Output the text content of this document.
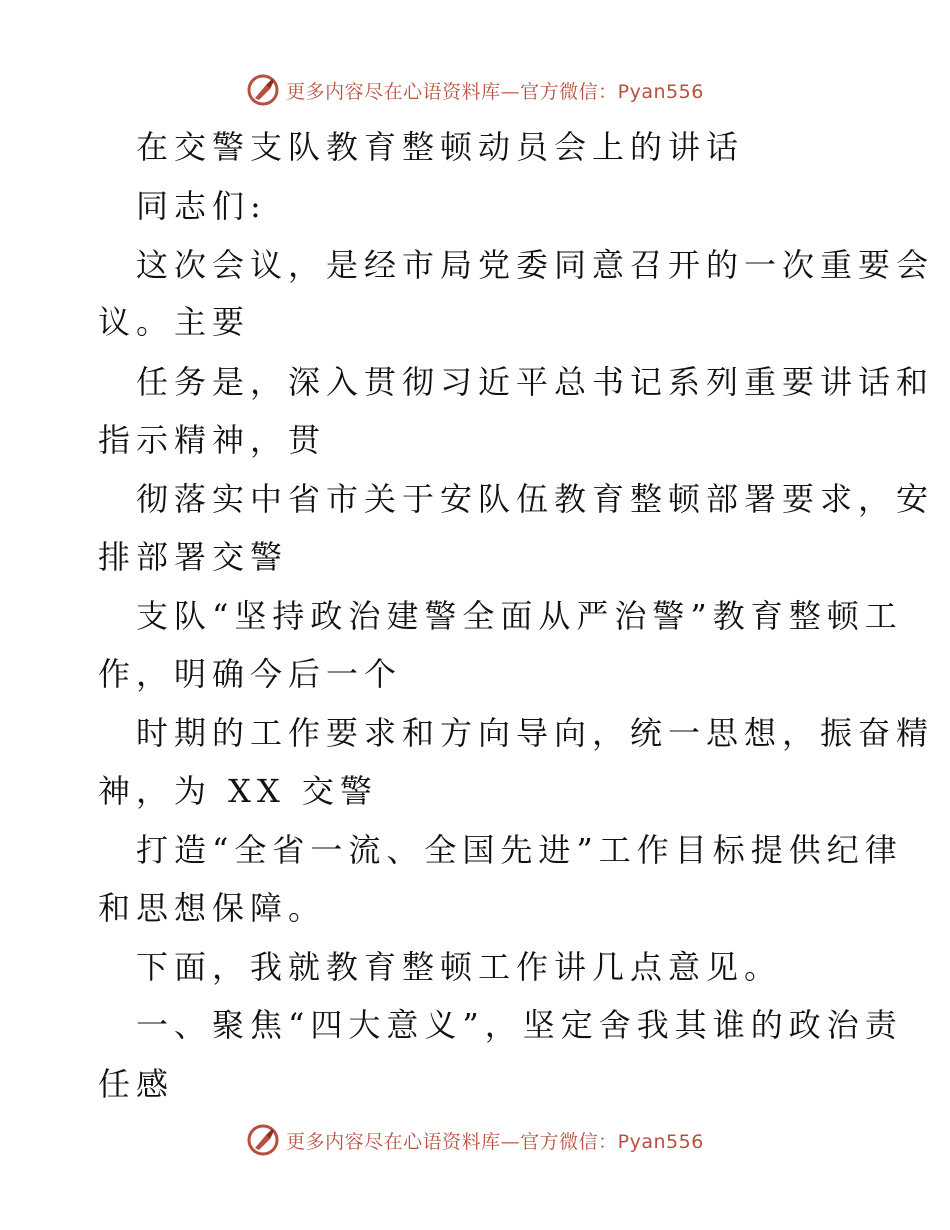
更多内容尽在心语资料库—官方微信：Pyan556
在交警支队教育整顿动员会上的讲话
同志们:
这次会议，是经市局党委同意召开的一次重要会
议。主要
任务是，深入贯彻习近平总书记系列重要讲话和
指示精神，贯
彻落实中省市关于安队伍教育整顿部署要求，安
排部署交警
支队“坚持政治建警全面从严治警”教育整顿工
作，明确今后一个
时期的工作要求和方向导向，统一思想，振奋精
神，为 XX 交警
打造“全省一流、全国先进”工作目标提供纪律
和思想保障。
下面，我就教育整顿工作讲几点意见。
一、聚焦“四大意义”，坚定舍我其谁的政治责
任感
更多内容尽在心语资料库—官方微信：Pyan556
